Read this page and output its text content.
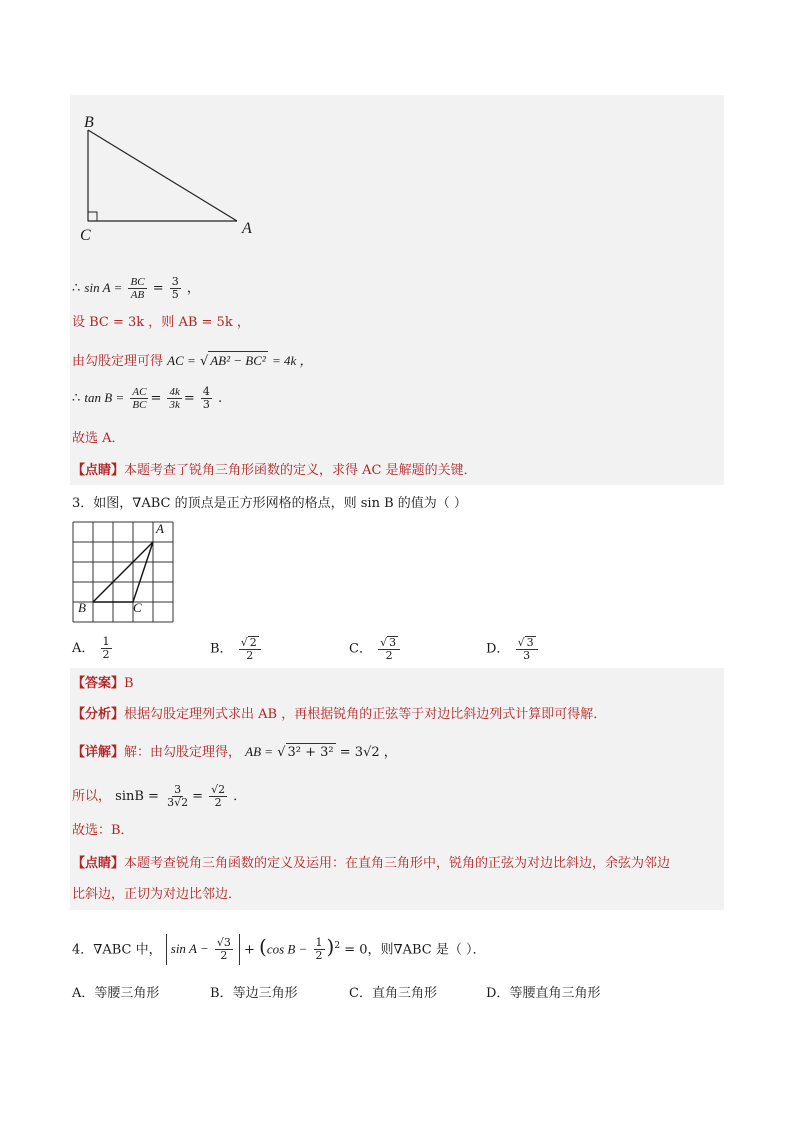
B
C	A
∴ $\sin A = \frac{BC}{AB} = \frac{3}{5}$ ，
设 BC = 3k ，则 AB = 5k ，
由勾股定理可得 AC = √ AB² − BC² = 4k ，
∴ $\tan B = \frac{AC}{BC} = \frac{4k}{3k} = \frac{4}{3}$ .
故选 A．
【点睛】本题考查了锐角三角形函数的定义，求得 AC 是解题的关键．
3．如图，∇ABC 的顶点是正方形网格的格点，则 sin B 的值为（ ）
A
B	C
A． $\frac{1}{2}$	B． $\frac{√ 2}{2}$	C． $\frac{√ 3}{2}$	D． $\frac{√ 3}{3}$
【答案】B
【分析】根据勾股定理列式求出 AB ，再根据锐角的正弦等于对边比斜边列式计算即可得解．
【详解】解：由勾股定理得， AB = √ 3² + 3² = 3√2 ，
所以， $\sin B = \frac{3}{3√2} = \frac{√2}{2}$ ．
故选：B．
【点睛】本题考查锐角三角函数的定义及运用：在直角三角形中，锐角的正弦为对边比斜边，余弦为邻边
比斜边，正切为对边比邻边．
4．∇ABC 中， $\sin A - \frac{√3}{2} + (\cos$ $B - \frac{1}{2} )^2 = 0$，则∇ABC 是（ ）．
A．等腰三角形	B．等边三角形	C．直角三角形	D．等腰直角三角形
